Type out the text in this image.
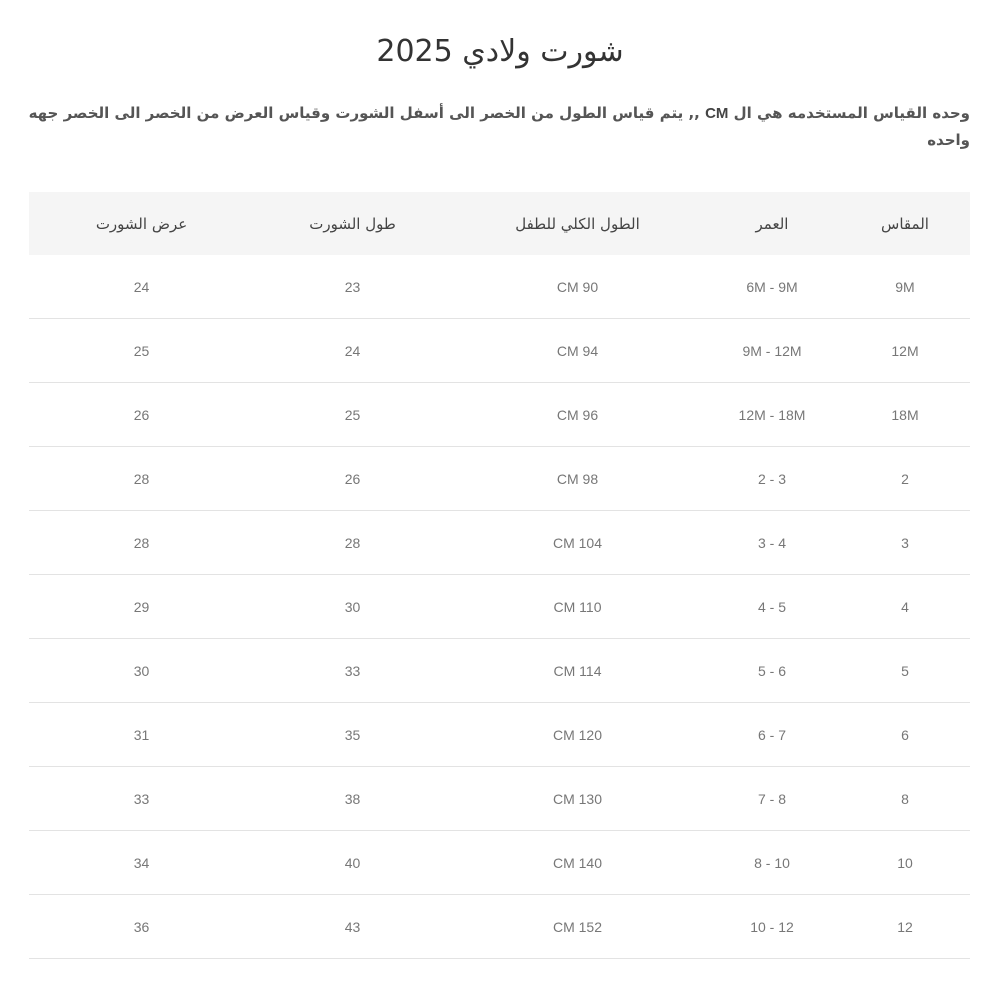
شورت ولادي 2025

وحده القياس المستخدمه هي ال CM ,, يتم قياس الطول من الخصر الى أسفل الشورت وقياس العرض من الخصر الى الخصر جهه واحده

المقاس	العمر	الطول الكلي للطفل	طول الشورت	عرض الشورت
9M	6M - 9M	CM 90	23	24
12M	9M - 12M	CM 94	24	25
18M	12M - 18M	CM 96	25	26
2	3 - 2	CM 98	26	28
3	4 - 3	CM 104	28	28
4	5 - 4	CM 110	30	29
5	6 - 5	CM 114	33	30
6	7 - 6	CM 120	35	31
8	8 - 7	CM 130	38	33
10	10 - 8	CM 140	40	34
12	12 - 10	CM 152	43	36
